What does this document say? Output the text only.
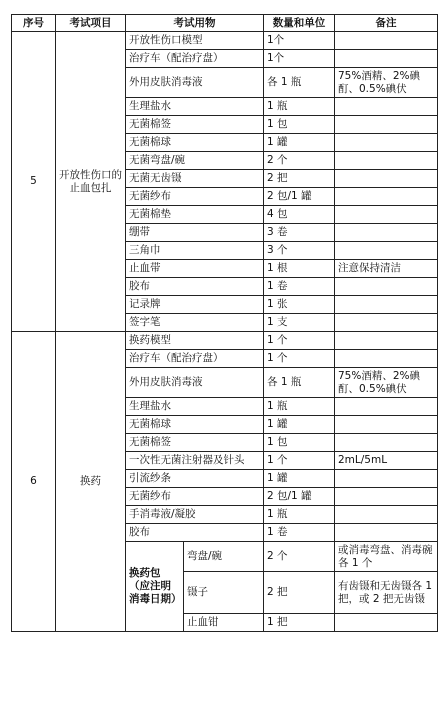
序号	考试项目	考试用物		数量和单位	备注
5	开放性伤口的止血包扎	开放性伤口模型		1个	
		治疗车（配治疗盘）		1个	
		外用皮肤消毒液		各 1 瓶	75%酒精、2%碘酊、0.5%碘伏
		生理盐水		1 瓶	
		无菌棉签		1 包	
		无菌棉球		1 罐	
		无菌弯盘/碗		2 个	
		无菌无齿镊		2 把	
		无菌纱布		2 包/1 罐	
		无菌棉垫		4 包	
		绷带		3 卷	
		三角巾		3 个	
		止血带		1 根	注意保持清洁
		胶布		1 卷	
		记录牌		1 张	
		签字笔		1 支	
6	换药	换药模型		1 个	
		治疗车（配治疗盘）		1 个	
		外用皮肤消毒液		各 1 瓶	75%酒精、2%碘酊、0.5%碘伏
		生理盐水		1 瓶	
		无菌棉球		1 罐	
		无菌棉签		1 包	
		一次性无菌注射器及针头		1 个	2mL/5mL
		引流纱条		1 罐	
		无菌纱布		2 包/1 罐	
		手消毒液/凝胶		1 瓶	
		胶布		1 卷	
		换药包（应注明消毒日期）	弯盘/碗	2 个	或消毒弯盘、消毒碗各 1 个
			镊子	2 把	有齿镊和无齿镊各 1 把，或 2 把无齿镊
			止血钳	1 把	
